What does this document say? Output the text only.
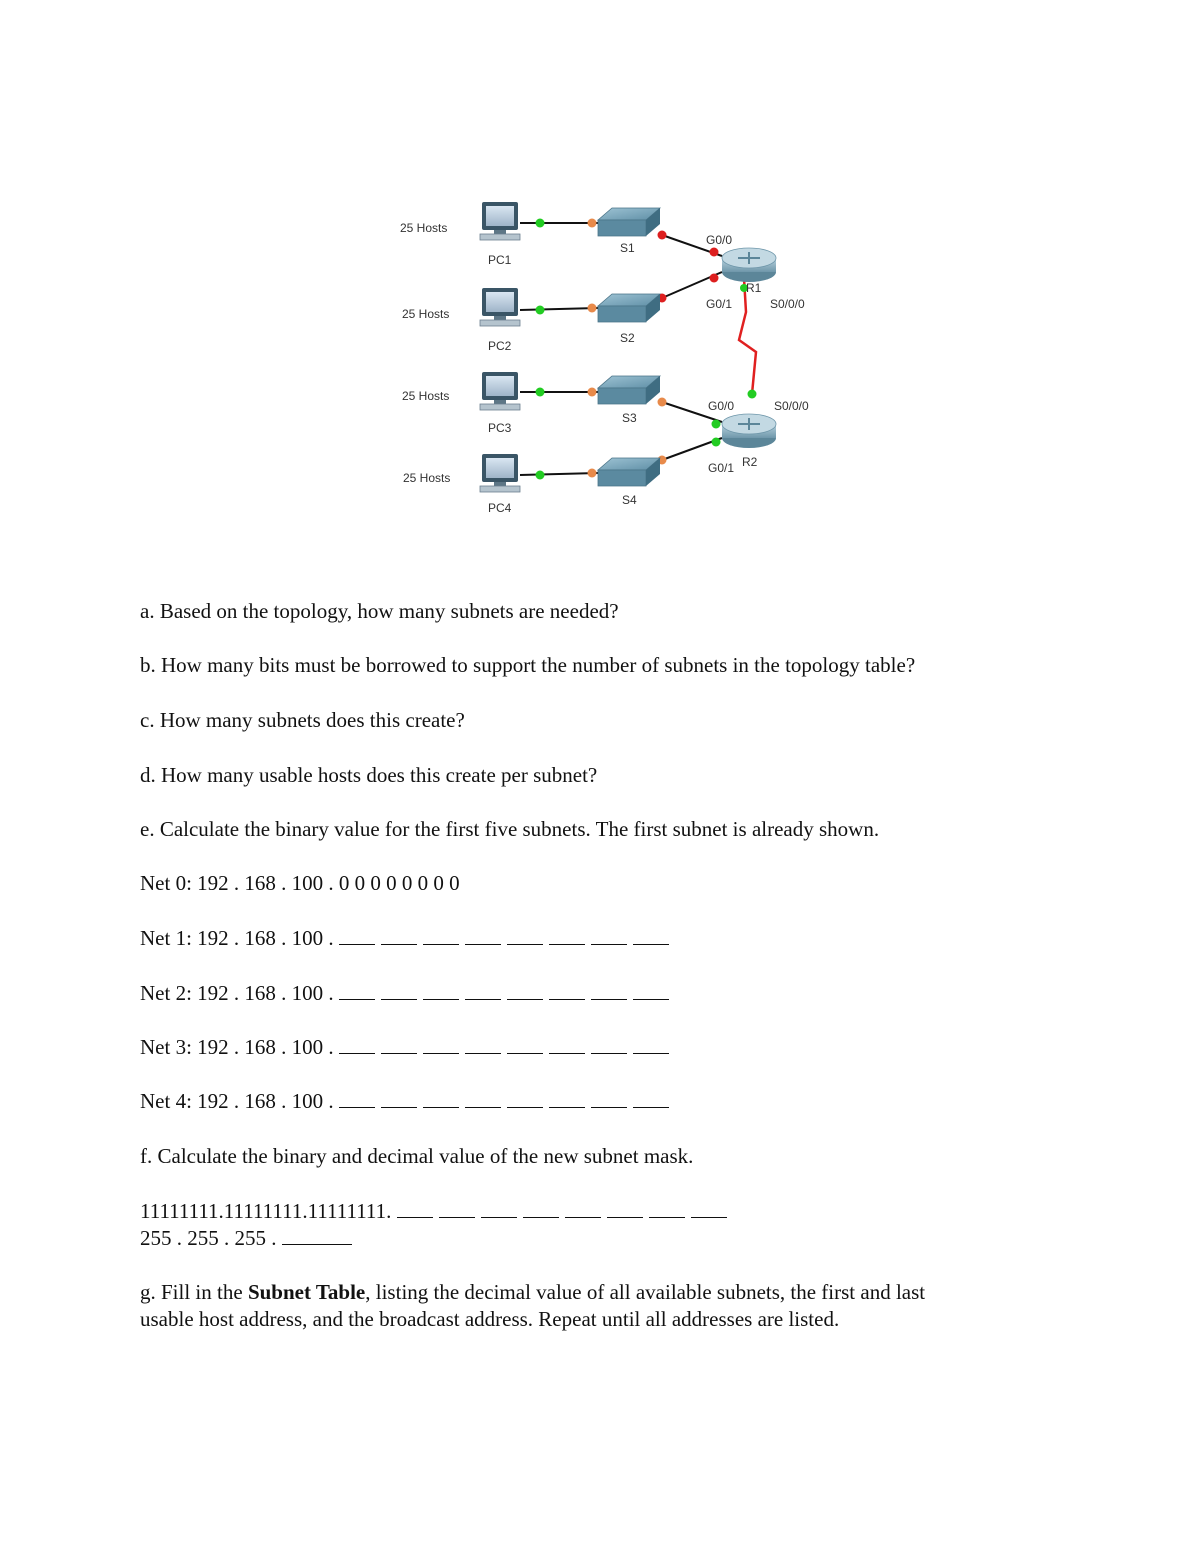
25 Hosts
25 Hosts
25 Hosts
25 Hosts
PC1
PC2
PC3
PC4
S1
S2
S3
S4
G0/0
G0/1
R1
S0/0/0
G0/0	S0/0/0
G0/1 R2
a. Based on the topology, how many subnets are needed?
b. How many bits must be borrowed to support the number of subnets in the topology table?
c. How many subnets does this create?
d. How many usable hosts does this create per subnet?
e. Calculate the binary value for the first five subnets. The first subnet is already shown.
Net 0: 192 . 168 . 100 . 0 0 0 0 0 0 0 0
Net 1: 192 . 168 . 100 .
Net 2: 192 . 168 . 100 .
Net 3: 192 . 168 . 100 .
Net 4: 192 . 168 . 100 .
f. Calculate the binary and decimal value of the new subnet mask.
11111111.11111111.11111111.
255 . 255 . 255 .
g. Fill in the Subnet Table, listing the decimal value of all available subnets, the first and last
usable host address, and the broadcast address. Repeat until all addresses are listed.
